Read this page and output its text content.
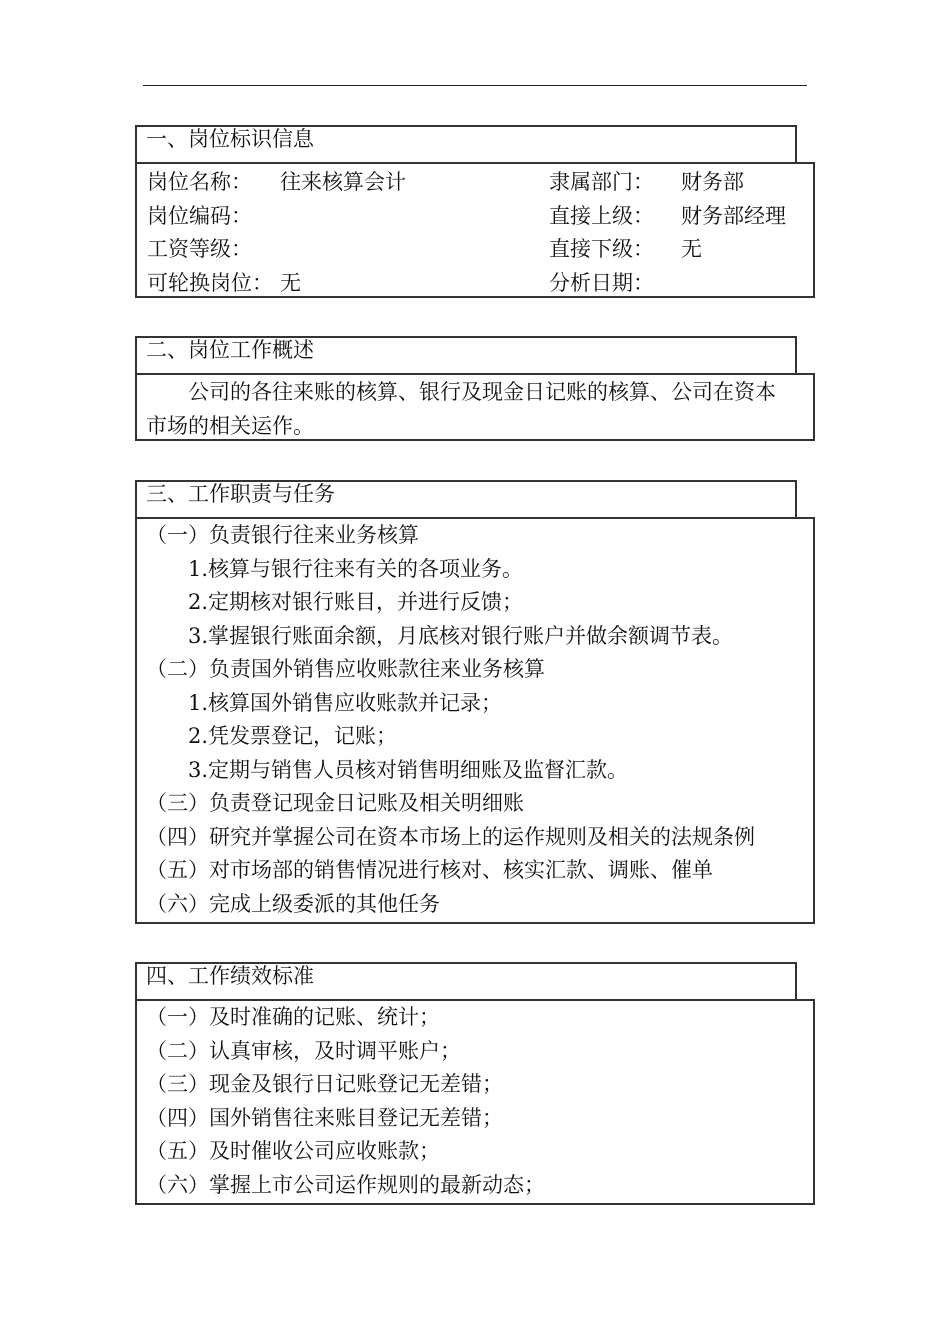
一、岗位标识信息
岗位名称： 往来核算会计	隶属部门： 财务部
岗位编码：	直接上级： 财务部经理
工资等级：	直接下级： 无
可轮换岗位： 无	分析日期：
二、岗位工作概述
　　公司的各往来账的核算、银行及现金日记账的核算、公司在资本
市场的相关运作。
三、工作职责与任务
（一）负责银行往来业务核算
　　1.核算与银行往来有关的各项业务。
　　2.定期核对银行账目，并进行反馈；
　　3.掌握银行账面余额，月底核对银行账户并做余额调节表。
（二）负责国外销售应收账款往来业务核算
　　1.核算国外销售应收账款并记录；
　　2.凭发票登记，记账；
　　3.定期与销售人员核对销售明细账及监督汇款。
（三）负责登记现金日记账及相关明细账
（四）研究并掌握公司在资本市场上的运作规则及相关的法规条例
（五）对市场部的销售情况进行核对、核实汇款、调账、催单
（六）完成上级委派的其他任务
四、工作绩效标准
（一）及时准确的记账、统计；
（二）认真审核，及时调平账户；
（三）现金及银行日记账登记无差错；
（四）国外销售往来账目登记无差错；
（五）及时催收公司应收账款；
（六）掌握上市公司运作规则的最新动态；
